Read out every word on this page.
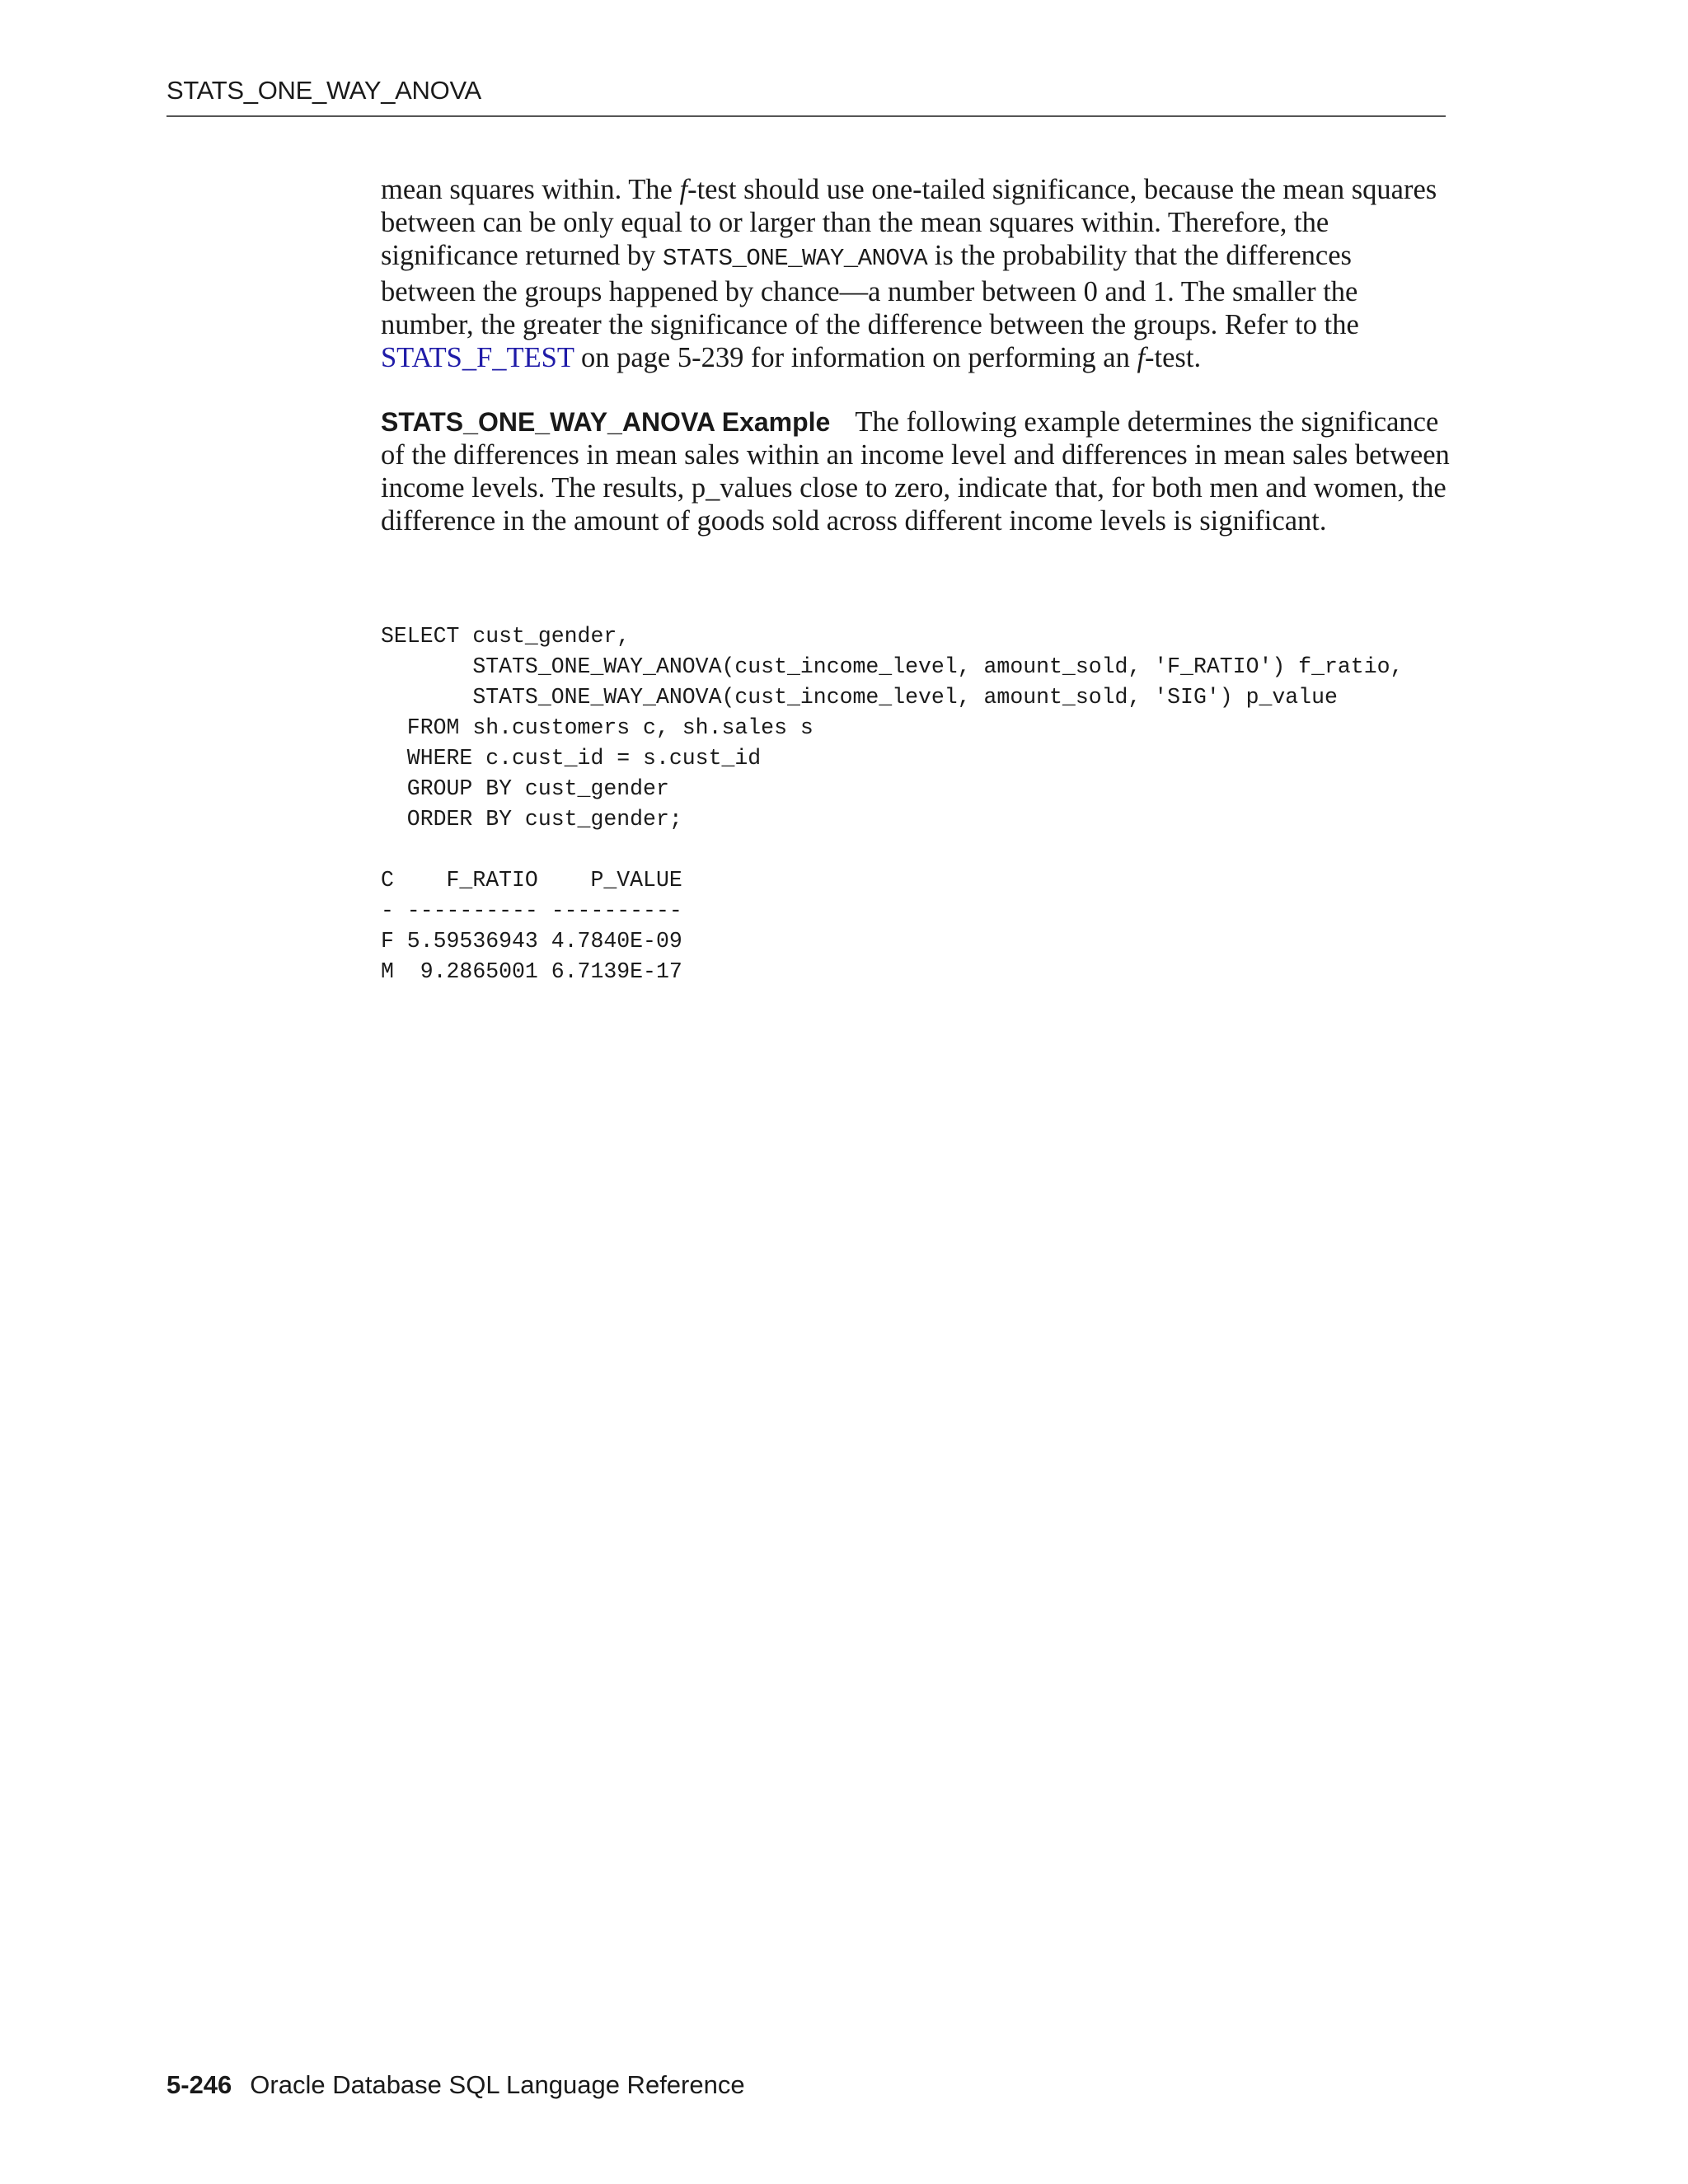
STATS_ONE_WAY_ANOVA

mean squares within. The f-test should use one-tailed significance, because the mean squares between can be only equal to or larger than the mean squares within. Therefore, the significance returned by STATS_ONE_WAY_ANOVA is the probability that the differences between the groups happened by chance—a number between 0 and 1. The smaller the number, the greater the significance of the difference between the groups. Refer to the STATS_F_TEST on page 5-239 for information on performing an f-test.

STATS_ONE_WAY_ANOVA Example The following example determines the significance of the differences in mean sales within an income level and differences in mean sales between income levels. The results, p_values close to zero, indicate that, for both men and women, the difference in the amount of goods sold across different income levels is significant.

SELECT cust_gender,
STATS_ONE_WAY_ANOVA(cust_income_level, amount_sold, 'F_RATIO') f_ratio,
STATS_ONE_WAY_ANOVA(cust_income_level, amount_sold, 'SIG') p_value
FROM sh.customers c, sh.sales s
WHERE c.cust_id = s.cust_id
GROUP BY cust_gender
ORDER BY cust_gender;

C    F_RATIO    P_VALUE
- ---------- ----------
F 5.59536943 4.7840E-09
M  9.2865001 6.7139E-17
5-246 Oracle Database SQL Language Reference
